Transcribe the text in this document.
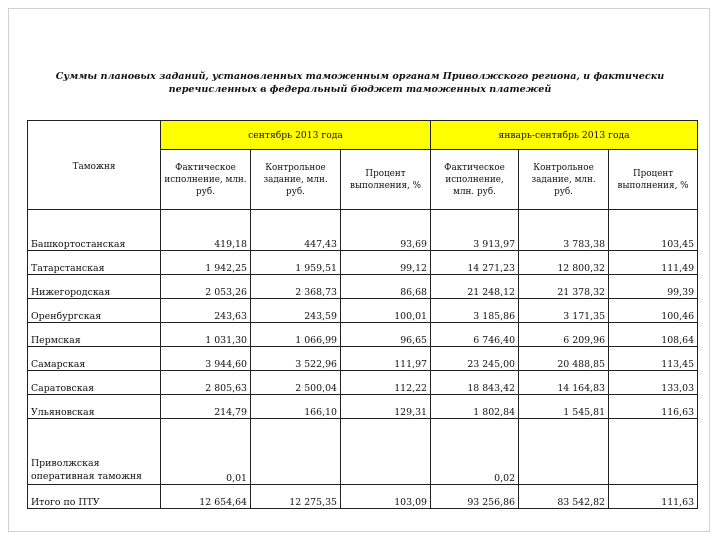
Суммы плановых заданий, установленных таможенным органам Приволжского региона, и фактически перечисленных в федеральный бюджет таможенных платежей
Таможня	сентябрь 2013 года			январь-сентябрь 2013 года		
	Фактическое исполнение, млн. руб.	Контрольное задание, млн. руб.	Процент выполнения, %	Фактическое исполнение, млн. руб.	Контрольное задание, млн. руб.	Процент выполнения, %
Башкортостанская	419,18	447,43	93,69	3 913,97	3 783,38	103,45
Татарстанская	1 942,25	1 959,51	99,12	14 271,23	12 800,32	111,49
Нижегородская	2 053,26	2 368,73	86,68	21 248,12	21 378,32	99,39
Оренбургская	243,63	243,59	100,01	3 185,86	3 171,35	100,46
Пермская	1 031,30	1 066,99	96,65	6 746,40	6 209,96	108,64
Самарская	3 944,60	3 522,96	111,97	23 245,00	20 488,85	113,45
Саратовская	2 805,63	2 500,04	112,22	18 843,42	14 164,83	133,03
Ульяновская	214,79	166,10	129,31	1 802,84	1 545,81	116,63
Приволжская оперативная таможня	0,01			0,02		
Итого по ПТУ	12 654,64	12 275,35	103,09	93 256,86	83 542,82	111,63
